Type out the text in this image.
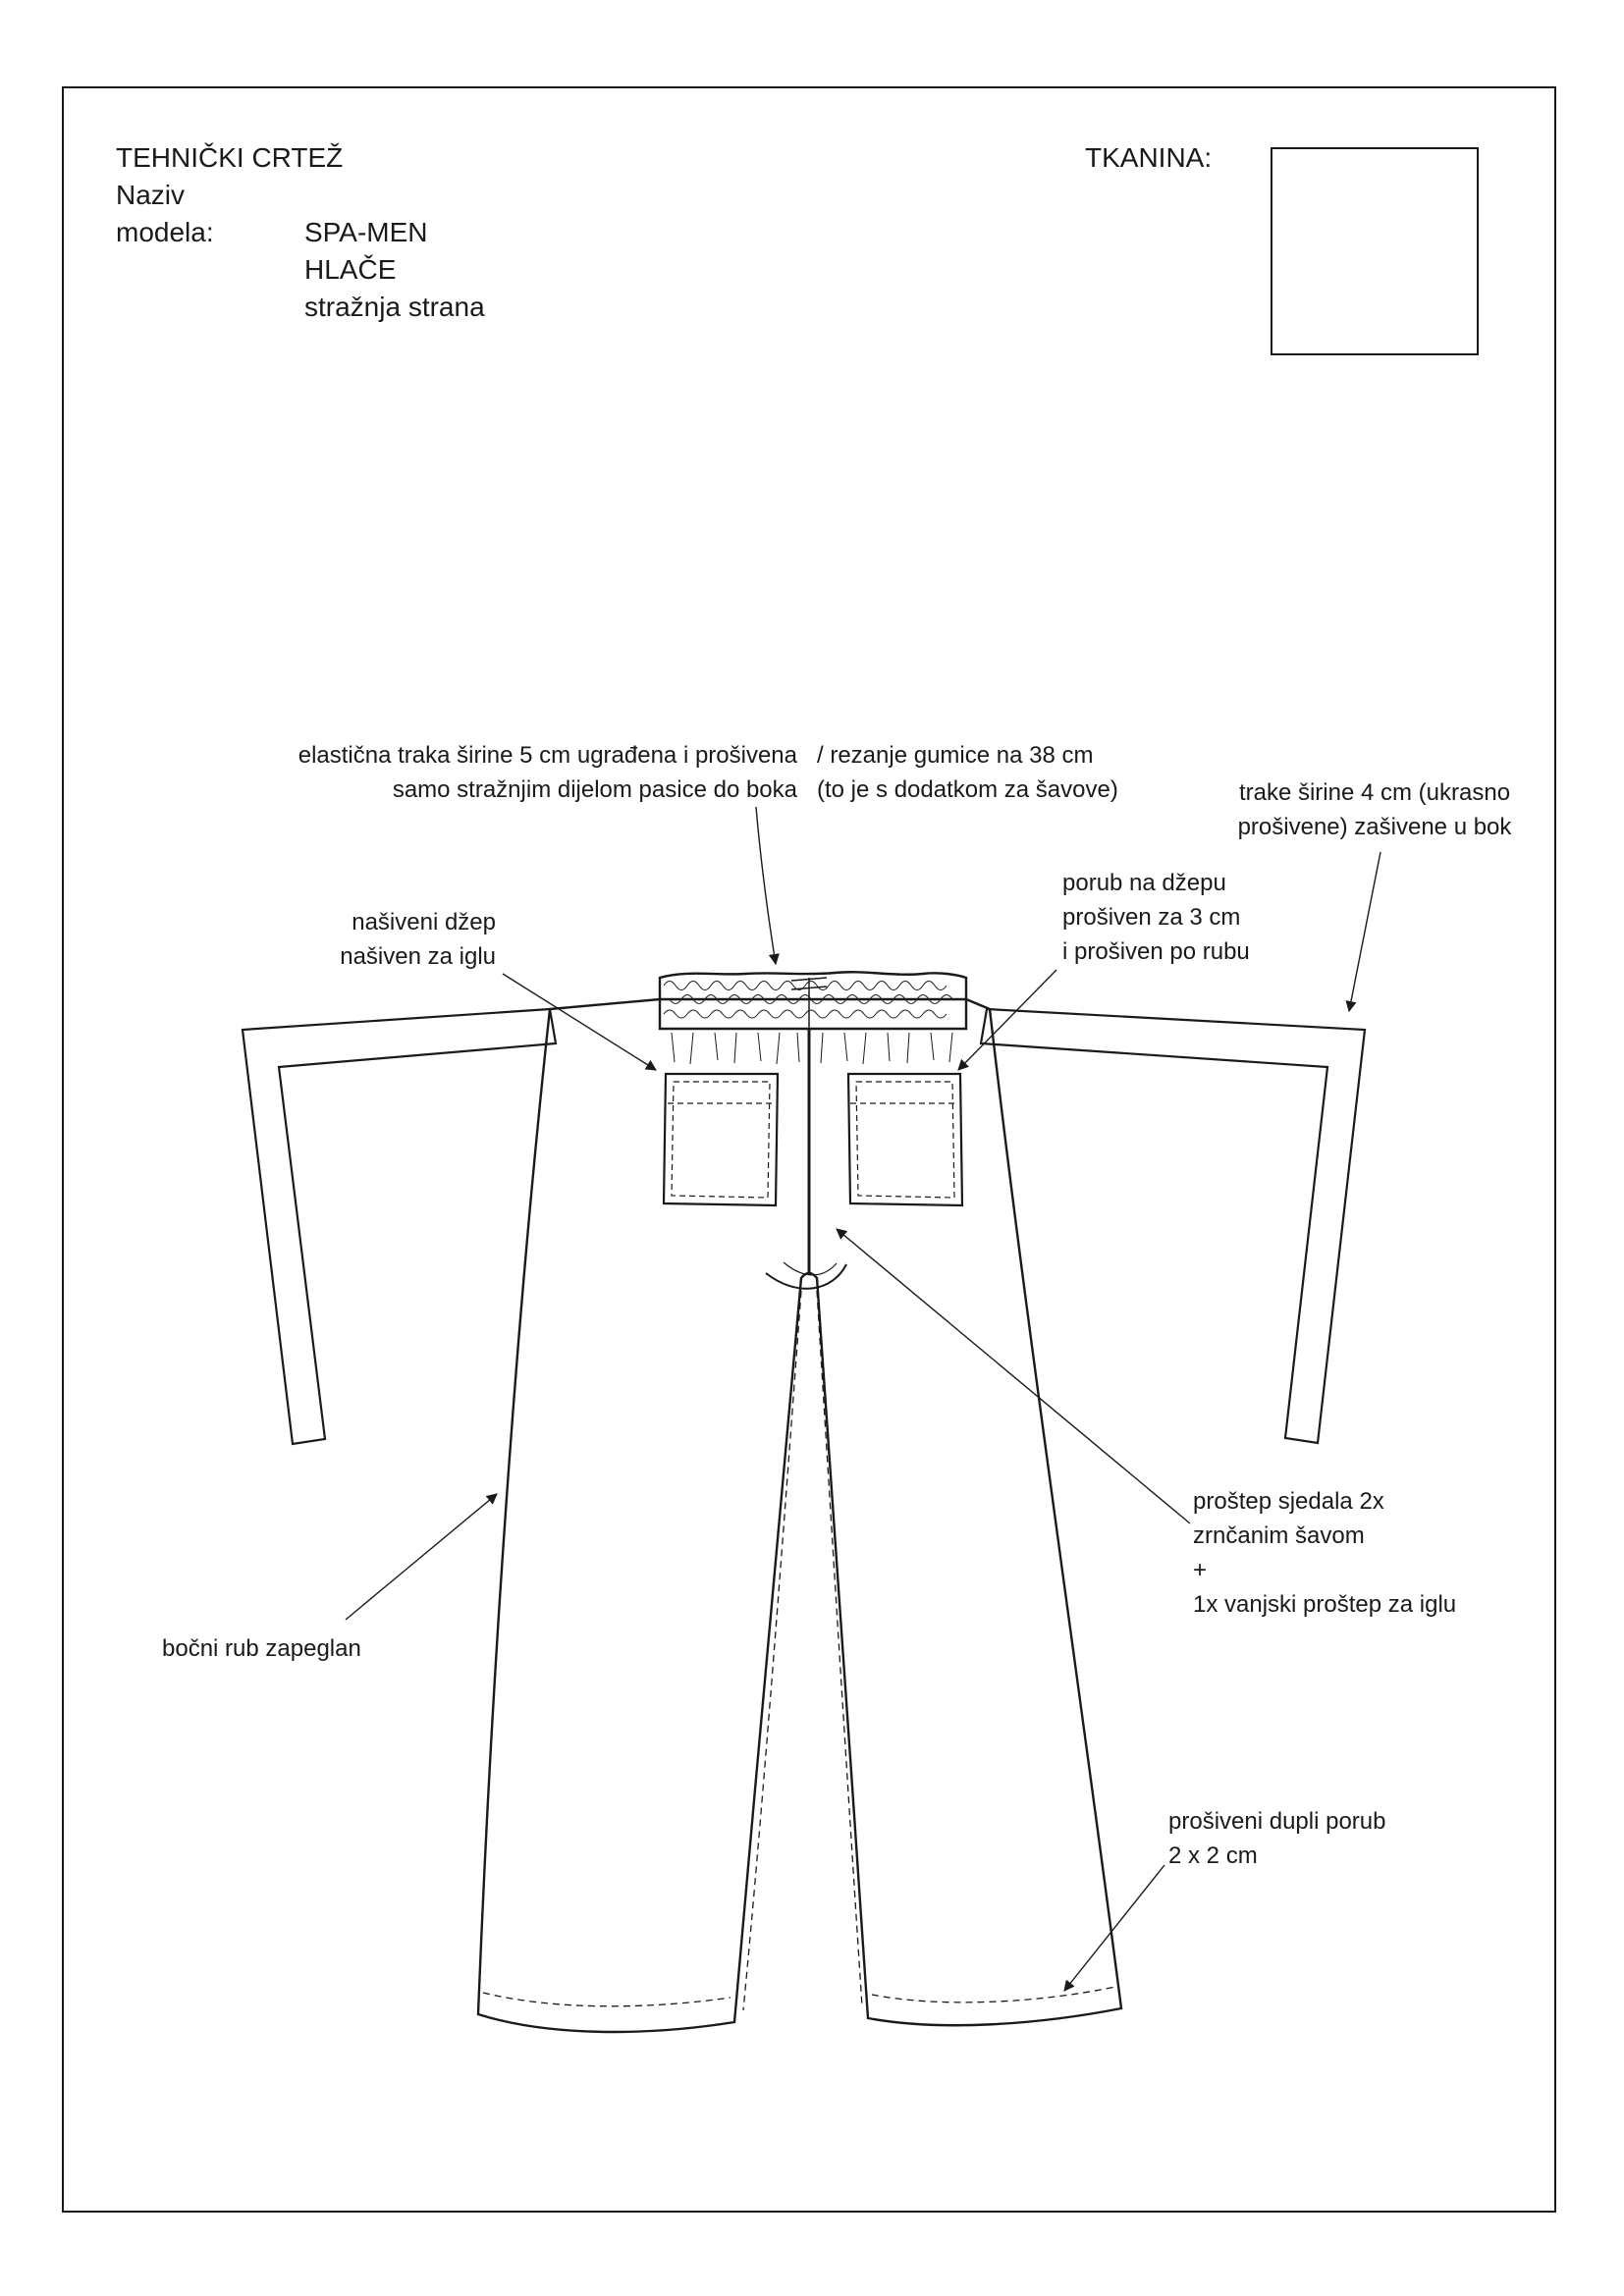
TEHNIČKI CRTEŽ
Naziv
modela:	SPA-MEN
HLAČE
stražnja strana
TKANINA:
elastična traka širine 5 cm ugrađena i prošivena
samo stražnjim dijelom pasice do boka
/ rezanje gumice na 38 cm
(to je s dodatkom za šavove)	trake širine 4 cm (ukrasno
prošivene) zašivene u bok
porub na džepu
prošiven za 3 cm
i prošiven po rubu
našiveni džep
našiven za iglu
proštep sjedala 2x
zrnčanim šavom
+
1x vanjski proštep za iglu
bočni rub zapeglan
prošiveni dupli porub
2 x 2 cm
